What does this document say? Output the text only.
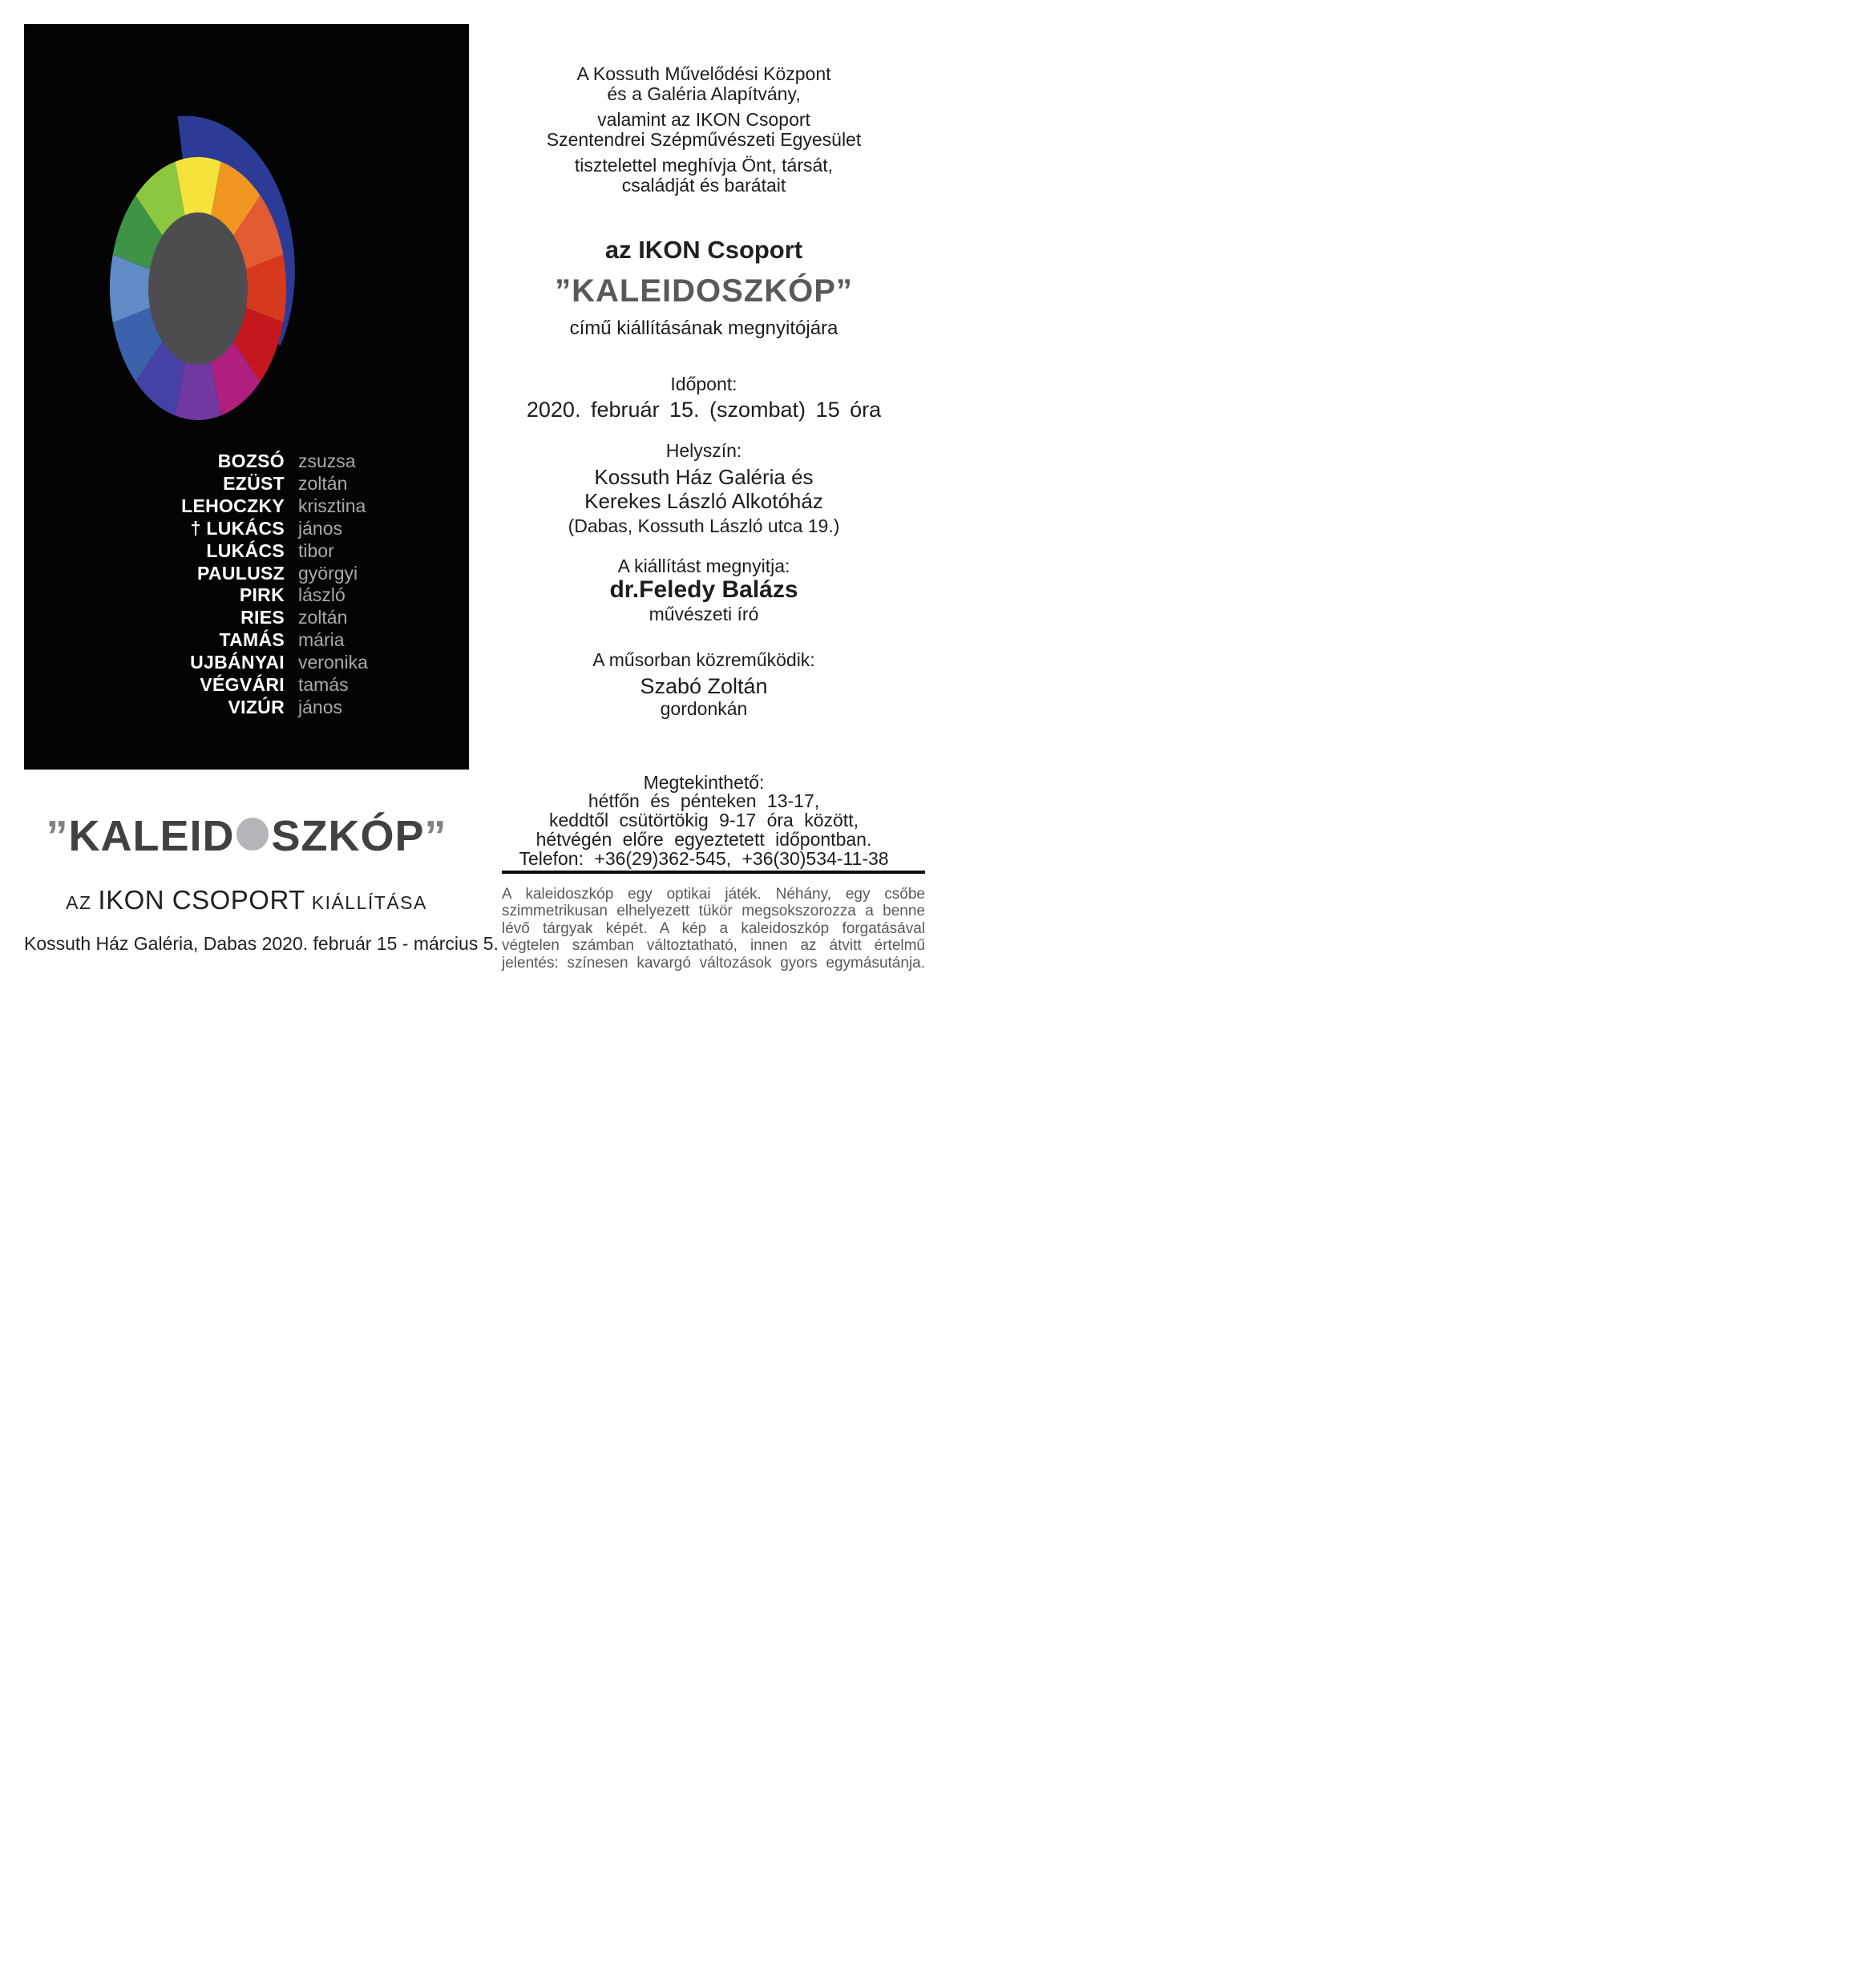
BOZSÓ zsuzsa
EZÜST zoltán
LEHOCZKY krisztina
† LUKÁCS jános
LUKÁCS tibor
PAULUSZ györgyi
PIRK lászló
RIES zoltán
TAMÁS mária
UJBÁNYAI veronika
VÉGVÁRI tamás
VIZÚR jános
”KALEID SZKÓP”
AZ IKON CSOPORT KIÁLLÍTÁSA
Kossuth Ház Galéria, Dabas 2020. február 15 - március 5.
A Kossuth Művelődési Központ
és a Galéria Alapítvány,
valamint az IKON Csoport
Szentendrei Szépművészeti Egyesület
tisztelettel meghívja Önt, társát,
családját és barátait
az IKON Csoport
”KALEIDOSZKÓP”
című kiállításának megnyitójára
Időpont:
2020. február 15. (szombat) 15 óra
Helyszín:
Kossuth Ház Galéria és
Kerekes László Alkotóház
(Dabas, Kossuth László utca 19.)
A kiállítást megnyitja:
dr.Feledy Balázs
művészeti író
A műsorban közreműködik:
Szabó Zoltán
gordonkán
Megtekinthető:
hétfőn és pénteken 13-17,
keddtől csütörtökig 9-17 óra között,
hétvégén előre egyeztetett időpontban.
Telefon: +36(29)362-545, +36(30)534-11-38
A kaleidoszkóp egy optikai játék. Néhány, egy csőbe szimmetrikusan elhelyezett tükör megsokszorozza a benne lévő tárgyak képét. A kép a kaleidoszkóp forgatásával végtelen számban változtatható, innen az átvitt értelmű jelentés: színesen kavargó változások gyors egymásutánja.
